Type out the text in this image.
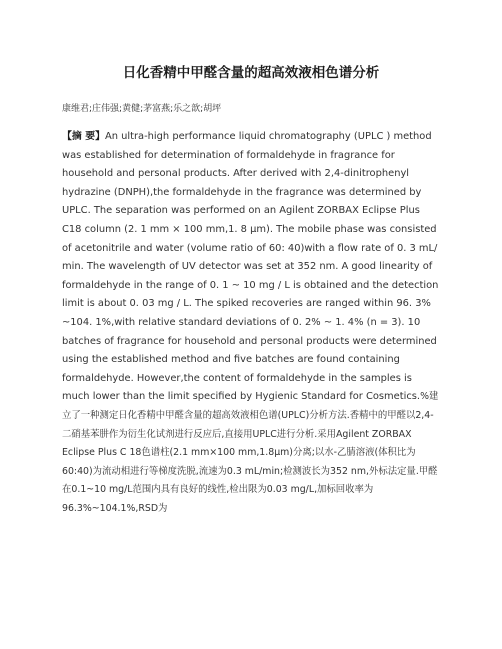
日化香精中甲醛含量的超高效液相色谱分析

康维君;庄伟强;黄健;茅富燕;乐之歆;胡坪

【摘 要】An ultra-high performance liquid chromatography (UPLC ) method was established for determination of formaldehyde in fragrance for household and personal products. After derived with 2,4-dinitrophenyl hydrazine (DNPH),the formaldehyde in the fragrance was determined by UPLC. The separation was performed on an Agilent ZORBAX Eclipse Plus C18 column (2. 1 mm × 100 mm,1. 8 μm). The mobile phase was consisted of acetonitrile and water (volume ratio of 60: 40)with a flow rate of 0. 3 mL/ min. The wavelength of UV detector was set at 352 nm. A good linearity of formaldehyde in the range of 0. 1 ~ 10 mg / L is obtained and the detection limit is about 0. 03 mg / L. The spiked recoveries are ranged within 96. 3% ~104. 1%,with relative standard deviations of 0. 2% ~ 1. 4% (n = 3). 10 batches of fragrance for household and personal products were determined using the established method and five batches are found containing formaldehyde. However,the content of formaldehyde in the samples is much lower than the limit specified by Hygienic Standard for Cosmetics.%建立了一种测定日化香精中甲醛含量的超高效液相色谱(UPLC)分析方法.香精中的甲醛以2,4-二硝基苯肼作为衍生化试剂进行反应后,直接用UPLC进行分析.采用Agilent ZORBAX Eclipse Plus C 18色谱柱(2.1 mm×100 mm,1.8μm)分离;以水-乙腈溶液(体积比为60:40)为流动相进行等梯度洗脱,流速为0.3 mL/min;检测波长为352 nm,外标法定量.甲醛在0.1~10 mg/L范围内具有良好的线性,检出限为0.03 mg/L,加标回收率为96.3%~104.1%,RSD为
